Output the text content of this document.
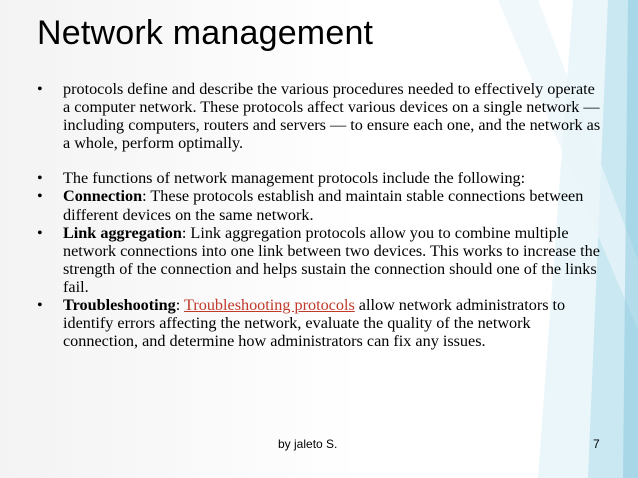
Network management
• protocols define and describe the various procedures needed to effectively operate a computer network. These protocols affect various devices on a single network — including computers, routers and servers — to ensure each one, and the network as a whole, perform optimally.
• The functions of network management protocols include the following:
• Connection: These protocols establish and maintain stable connections between different devices on the same network.
• Link aggregation: Link aggregation protocols allow you to combine multiple network connections into one link between two devices. This works to increase the strength of the connection and helps sustain the connection should one of the links fail.
• Troubleshooting: Troubleshooting protocols allow network administrators to identify errors affecting the network, evaluate the quality of the network connection, and determine how administrators can fix any issues.
by jaleto S.	7
